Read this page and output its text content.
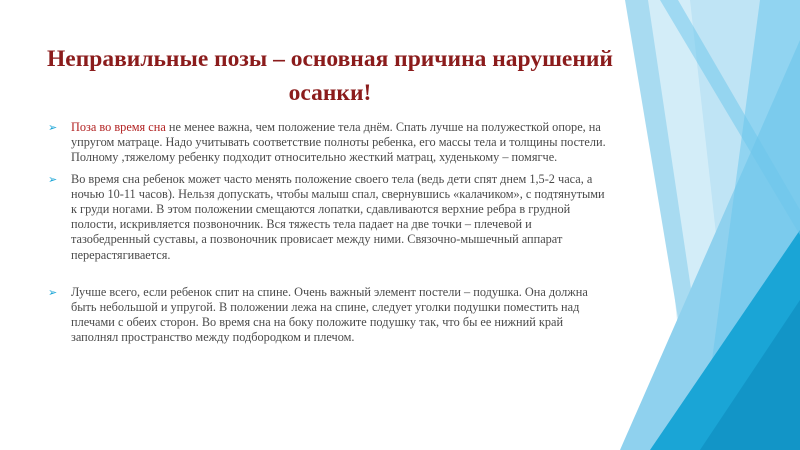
Неправильные позы – основная причина нарушений осанки!

➢	Поза во время сна не менее важна, чем положение тела днём. Спать лучше на полужесткой опоре, на упругом матраце. Надо учитывать соответствие полноты ребенка, его массы тела и толщины постели. Полному ,тяжелому ребенку подходит относительно жесткий матрац, худенькому – помягче.

➢	Во время сна ребенок может часто менять положение своего тела (ведь дети спят днем 1,5-2 часа, а ночью 10-11 часов). Нельзя допускать, чтобы малыш спал, свернувшись «калачиком», с подтянутыми к груди ногами. В этом положении смещаются лопатки, сдавливаются верхние ребра в грудной полости, искривляется позвоночник. Вся тяжесть тела падает на две точки – плечевой и тазобедренный суставы, а позвоночник провисает между ними. Связочно-мышечный аппарат перерастягивается.

➢	Лучше всего, если ребенок спит на спине. Очень важный элемент постели – подушка. Она должна быть небольшой и упругой. В положении лежа на спине, следует уголки подушки поместить над плечами с обеих сторон. Во время сна на боку положите подушку так, что бы ее нижний край заполнял пространство между подбородком и плечом.
